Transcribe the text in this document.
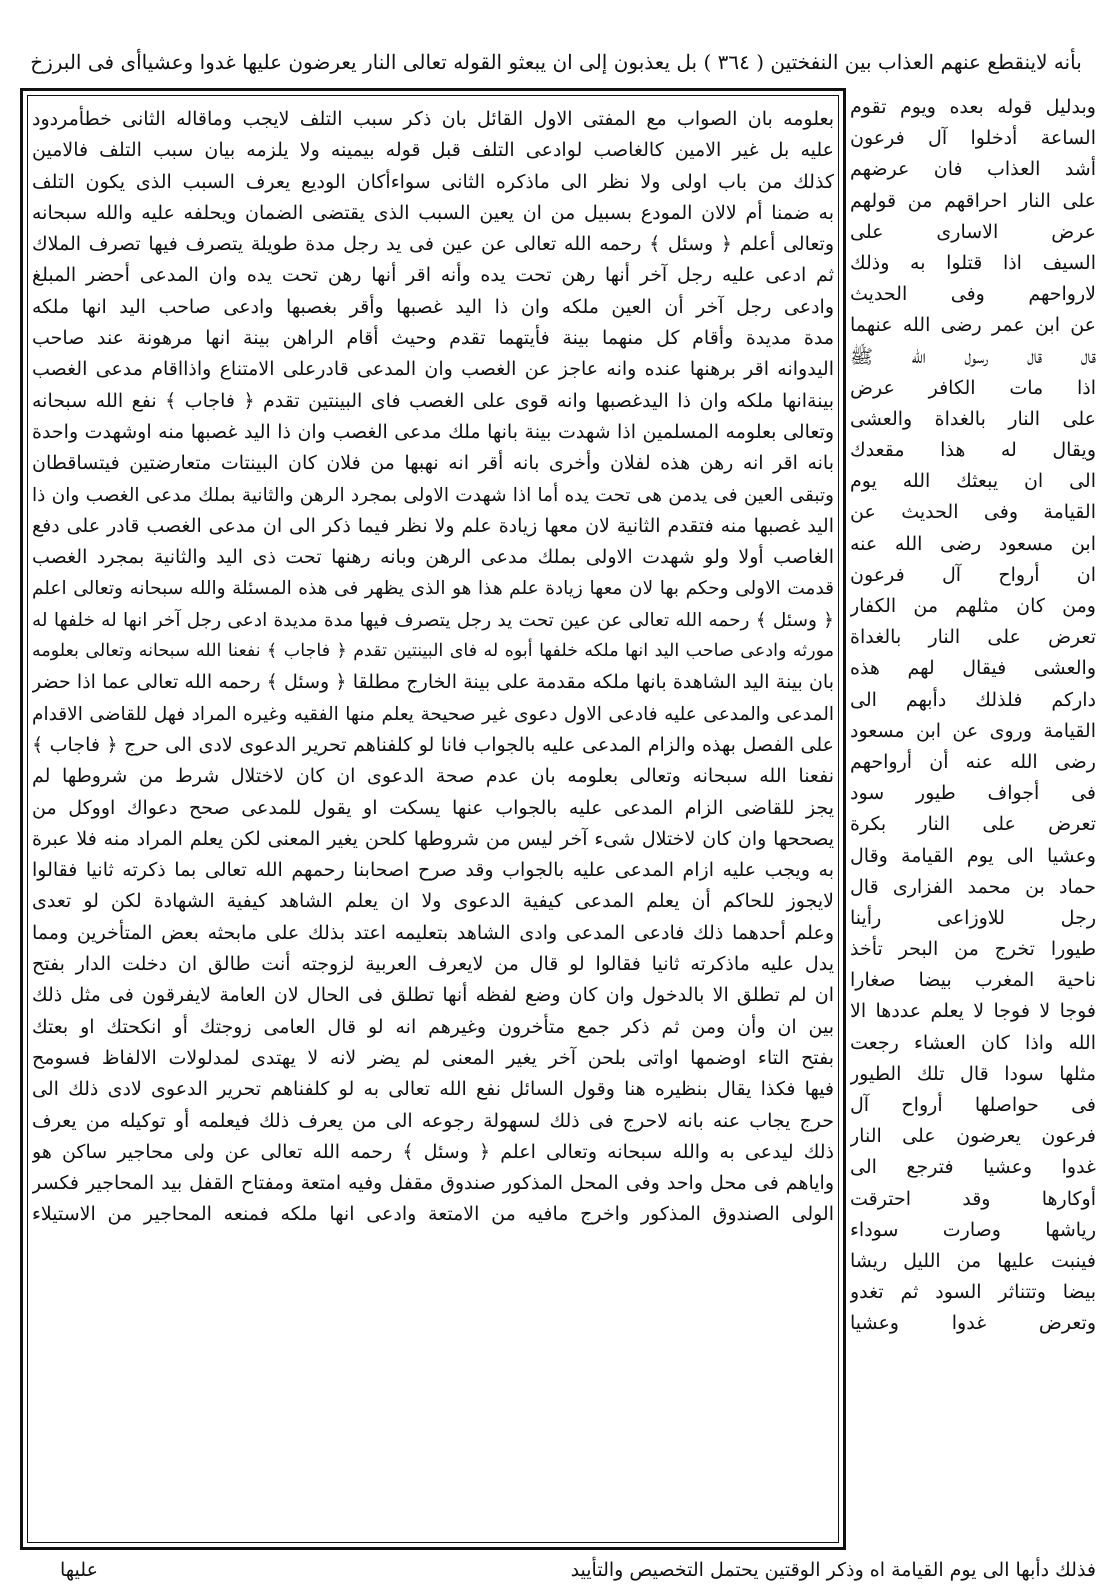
بأنه لاينقطع عنهم العذاب بين النفختين ( ٣٦٤ ) بل يعذبون إلى ان يبعثو القوله تعالى النار يعرضون عليها غدوا وعشياأى فى البرزخ
بعلومه بان الصواب مع المفتى الاول القائل بان ذكر سبب التلف لايجب وماقاله الثانى خطأمردود
عليه بل غير الامين كالغاصب لوادعى التلف قبل قوله بيمينه ولا يلزمه بيان سبب التلف فالامين
كذلك من باب اولى ولا نظر الى ماذكره الثانى سواءأكان الوديع يعرف السبب الذى يكون التلف
به ضمنا أم لالان المودع بسبيل من ان يعين السبب الذى يقتضى الضمان ويحلفه عليه والله سبحانه
وتعالى أعلم ﴿ وسئل ﴾ رحمه الله تعالى عن عين فى يد رجل مدة طويلة يتصرف فيها تصرف الملاك
ثم ادعى عليه رجل آخر أنها رهن تحت يده وأنه اقر أنها رهن تحت يده وان المدعى أحضر المبلغ
وادعى رجل آخر أن العين ملكه وان ذا اليد غصبها وأقر بغصبها وادعى صاحب اليد انها ملكه
مدة مديدة وأقام كل منهما بينة فأيتهما تقدم وحيث أقام الراهن بينة انها مرهونة عند صاحب
اليدوانه اقر برهنها عنده وانه عاجز عن الغصب وان المدعى قادرعلى الامتناع واذااقام مدعى الغصب
بينةانها ملكه وان ذا اليدغصبها وانه قوى على الغصب فاى البينتين تقدم ﴿ فاجاب ﴾ نفع الله سبحانه
وتعالى بعلومه المسلمين اذا شهدت بينة بانها ملك مدعى الغصب وان ذا اليد غصبها منه اوشهدت واحدة
بانه اقر انه رهن هذه لفلان وأخرى بانه أقر انه نهبها من فلان كان البينتات متعارضتين فيتساقطان
وتبقى العين فى يدمن هى تحت يده أما اذا شهدت الاولى بمجرد الرهن والثانية بملك مدعى الغصب وان ذا
اليد غصبها منه فتقدم الثانية لان معها زيادة علم ولا نظر فيما ذكر الى ان مدعى الغصب قادر على دفع
الغاصب أولا ولو شهدت الاولى بملك مدعى الرهن وبانه رهنها تحت ذى اليد والثانية بمجرد الغصب
قدمت الاولى وحكم بها لان معها زيادة علم هذا هو الذى يظهر فى هذه المسئلة والله سبحانه وتعالى اعلم
﴿ وسئل ﴾ رحمه الله تعالى عن عين تحت يد رجل يتصرف فيها مدة مديدة ادعى رجل آخر انها له خلفها له
مورثه وادعى صاحب اليد انها ملكه خلفها أبوه له فاى البينتين تقدم ﴿ فاجاب ﴾ نفعنا الله سبحانه وتعالى بعلومه
بان بينة اليد الشاهدة بانها ملكه مقدمة على بينة الخارج مطلقا ﴿ وسئل ﴾ رحمه الله تعالى عما اذا حضر
المدعى والمدعى عليه فادعى الاول دعوى غير صحيحة يعلم منها الفقيه وغيره المراد فهل للقاضى الاقدام
على الفصل بهذه والزام المدعى عليه بالجواب فانا لو كلفناهم تحرير الدعوى لادى الى حرج ﴿ فاجاب ﴾
نفعنا الله سبحانه وتعالى بعلومه بان عدم صحة الدعوى ان كان لاختلال شرط من شروطها لم
يجز للقاضى الزام المدعى عليه بالجواب عنها يسكت او يقول للمدعى صحح دعواك اووكل من
يصححها وان كان لاختلال شىء آخر ليس من شروطها كلحن يغير المعنى لكن يعلم المراد منه فلا عبرة
به ويجب عليه ازام المدعى عليه بالجواب وقد صرح اصحابنا رحمهم الله تعالى بما ذكرته ثانيا فقالوا
لايجوز للحاكم أن يعلم المدعى كيفية الدعوى ولا ان يعلم الشاهد كيفية الشهادة لكن لو تعدى
وعلم أحدهما ذلك فادعى المدعى وادى الشاهد بتعليمه اعتد بذلك على مابحثه بعض المتأخرين ومما
يدل عليه ماذكرته ثانيا فقالوا لو قال من لايعرف العربية لزوجته أنت طالق ان دخلت الدار بفتح
ان لم تطلق الا بالدخول وان كان وضع لفظه أنها تطلق فى الحال لان العامة لايفرقون فى مثل ذلك
بين ان وأن ومن ثم ذكر جمع متأخرون وغيرهم انه لو قال العامى زوجتك أو انكحتك او بعتك
بفتح التاء اوضمها اواتى بلحن آخر يغير المعنى لم يضر لانه لا يهتدى لمدلولات الالفاظ فسومح
فيها فكذا يقال بنظيره هنا وقول السائل نفع الله تعالى به لو كلفناهم تحرير الدعوى لادى ذلك الى
حرج يجاب عنه بانه لاحرج فى ذلك لسهولة رجوعه الى من يعرف ذلك فيعلمه أو توكيله من يعرف
ذلك ليدعى به والله سبحانه وتعالى اعلم ﴿ وسئل ﴾ رحمه الله تعالى عن ولى محاجير ساكن هو
واياهم فى محل واحد وفى المحل المذكور صندوق مقفل وفيه امتعة ومفتاح القفل بيد المحاجير فكسر
الولى الصندوق المذكور واخرج مافيه من الامتعة وادعى انها ملكه فمنعه المحاجير من الاستيلاء
وبدليل قوله بعده ويوم تقوم
الساعة أدخلوا آل فرعون
أشد العذاب فان عرضهم
على النار احراقهم من قولهم
عرض الاسارى على
السيف اذا قتلوا به وذلك
لارواحهم وفى الحديث
عن ابن عمر رضى الله عنهما
قال قال رسول الله ﷺ
اذا مات الكافر عرض
على النار بالغداة والعشى
ويقال له هذا مقعدك
الى ان يبعثك الله يوم
القيامة وفى الحديث عن
ابن مسعود رضى الله عنه
ان أرواح آل فرعون
ومن كان مثلهم من الكفار
تعرض على النار بالغداة
والعشى فيقال لهم هذه
داركم فلذلك دأبهم الى
القيامة وروى عن ابن مسعود
رضى الله عنه أن أرواحهم
فى أجواف طيور سود
تعرض على النار بكرة
وعشيا الى يوم القيامة وقال
حماد بن محمد الفزارى قال
رجل للاوزاعى رأينا
طيورا تخرج من البحر تأخذ
ناحية المغرب بيضا صغارا
فوجا لا فوجا لا يعلم عددها الا
الله واذا كان العشاء رجعت
مثلها سودا قال تلك الطيور
فى حواصلها أرواح آل
فرعون يعرضون على النار
غدوا وعشيا فترجع الى
أوكارها وقد احترقت
رياشها وصارت سوداء
فينبت عليها من الليل ريشا
بيضا وتتناثر السود ثم تغدو
وتعرض غدوا وعشيا
فذلك دأبها الى يوم القيامة اه وذكر الوقتين يحتمل التخصيص والتأييد
عليها
